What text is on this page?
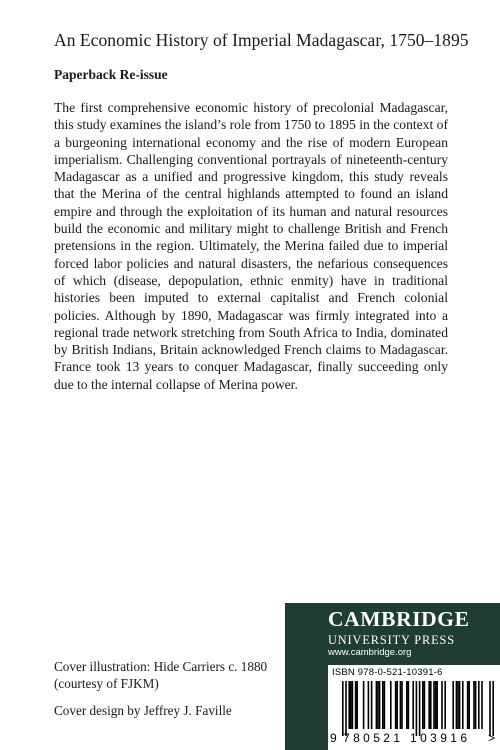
An Economic History of Imperial Madagascar, 1750–1895
Paperback Re-issue
The first comprehensive economic history of precolonial Madagascar, this study examines the island’s role from 1750 to 1895 in the context of a burgeoning international economy and the rise of modern European imperialism. Challenging conventional portrayals of nineteenth-century Madagascar as a unified and progressive kingdom, this study reveals that the Merina of the central highlands attempted to found an island empire and through the exploitation of its human and natural resources build the economic and military might to challenge British and French pretensions in the region. Ultimately, the Merina failed due to imperial forced labor policies and natural disasters, the nefarious consequences of which (disease, depopulation, ethnic enmity) have in traditional histories been imputed to external capitalist and French colonial policies. Although by 1890, Madagascar was firmly integrated into a regional trade network stretching from South Africa to India, dominated by British Indians, Britain acknowledged French claims to Madagascar. France took 13 years to conquer Madagascar, finally succeeding only due to the internal collapse of Merina power.
Cover illustration: Hide Carriers c. 1880 (courtesy of FJKM)
Cover design by Jeffrey J. Faville
CAMBRIDGE
UNIVERSITY PRESS
www.cambridge.org
ISBN 978-0-521-10391-6
9 780521 103916 >
